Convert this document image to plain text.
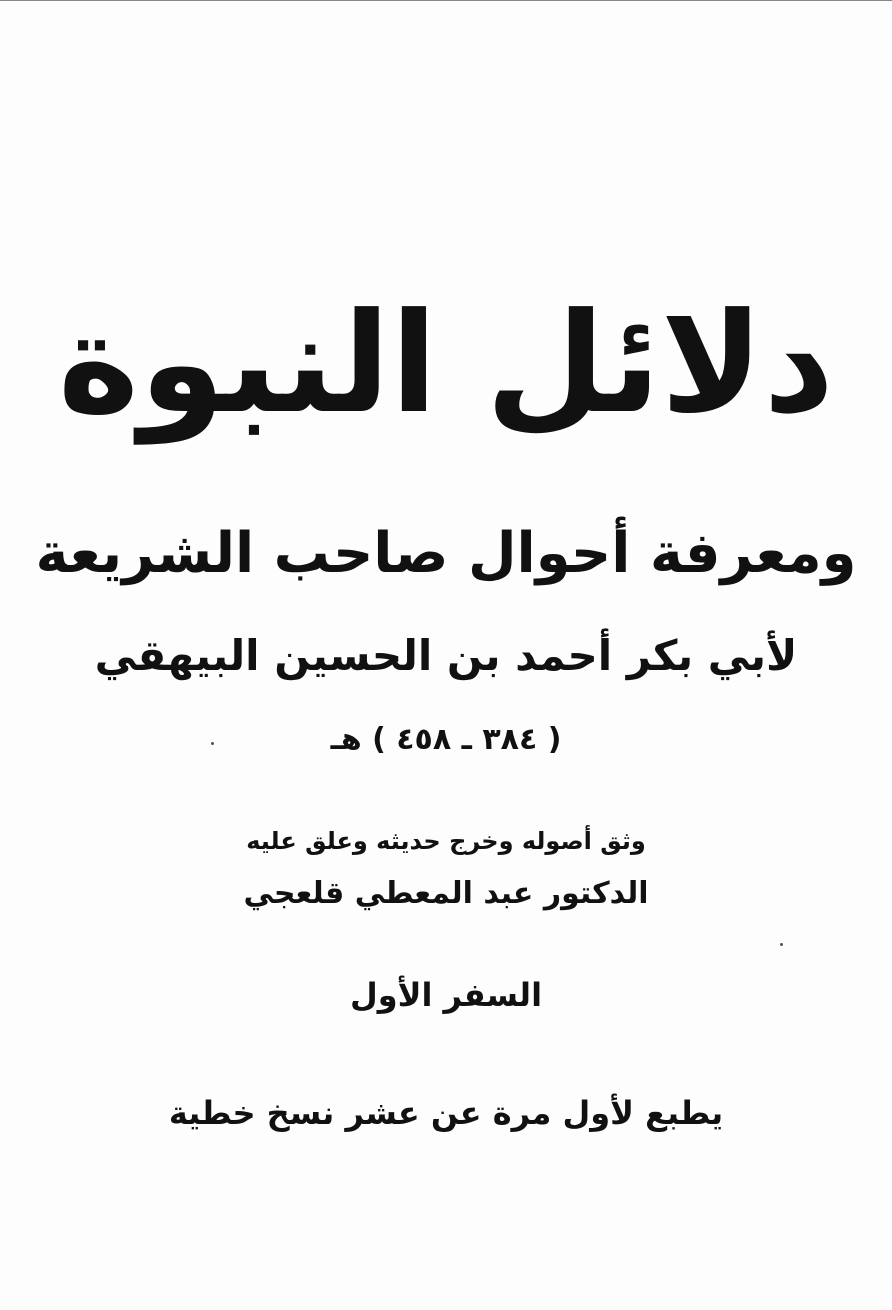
دلائل النبوة
ومعرفة أحوال صاحب الشريعة
لأبي بكر أحمد بن الحسين البيهقي
( ٣٨٤ ـ ٤٥٨ ) هـ
وثق أصوله وخرج حديثه وعلق عليه
الدكتور عبد المعطي قلعجي
السفر الأول
يطبع لأول مرة عن عشر نسخ خطية
